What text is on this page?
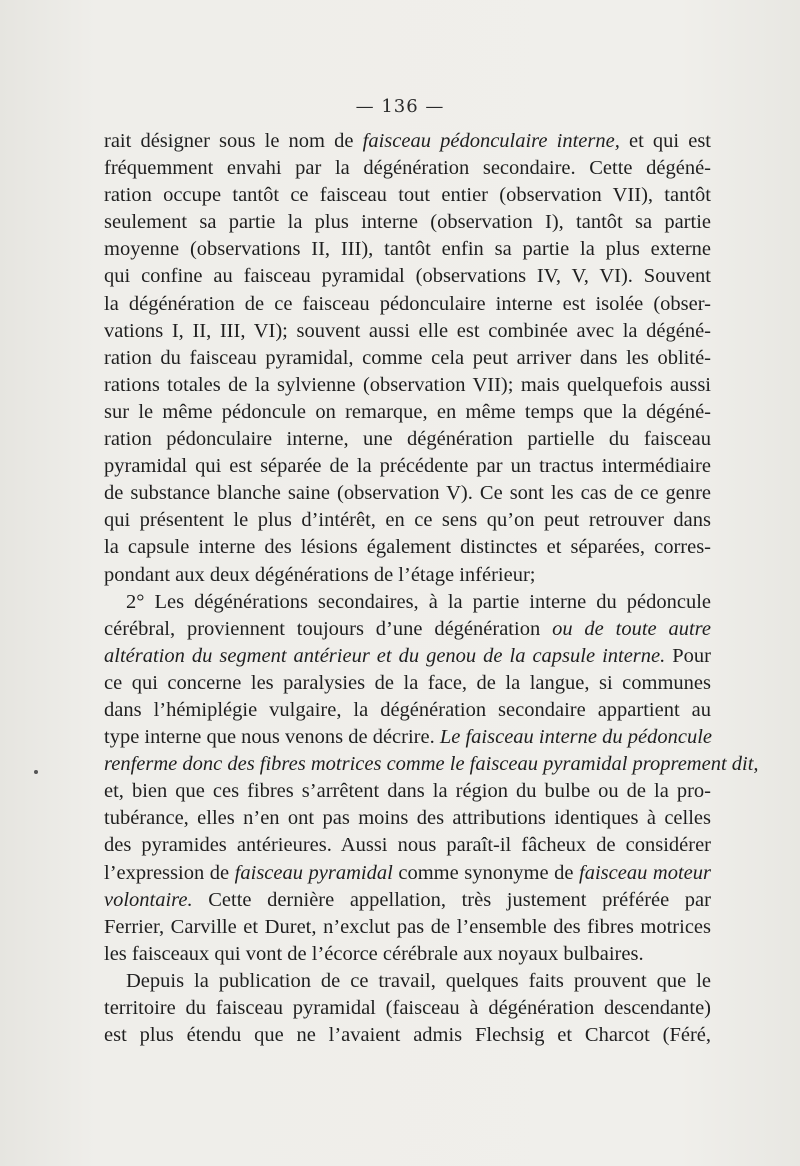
— 136 —
rait désigner sous le nom de faisceau pédonculaire interne, et qui est
fréquemment envahi par la dégénération secondaire. Cette dégéné-
ration occupe tantôt ce faisceau tout entier (observation VII), tantôt
seulement sa partie la plus interne (observation I), tantôt sa partie
moyenne (observations II, III), tantôt enfin sa partie la plus externe
qui confine au faisceau pyramidal (observations IV, V, VI). Souvent
la dégénération de ce faisceau pédonculaire interne est isolée (obser-
vations I, II, III, VI); souvent aussi elle est combinée avec la dégéné-
ration du faisceau pyramidal, comme cela peut arriver dans les oblité-
rations totales de la sylvienne (observation VII); mais quelquefois aussi
sur le même pédoncule on remarque, en même temps que la dégéné-
ration pédonculaire interne, une dégénération partielle du faisceau
pyramidal qui est séparée de la précédente par un tractus intermédiaire
de substance blanche saine (observation V). Ce sont les cas de ce genre
qui présentent le plus d’intérêt, en ce sens qu’on peut retrouver dans
la capsule interne des lésions également distinctes et séparées, corres-
pondant aux deux dégénérations de l’étage inférieur;
2° Les dégénérations secondaires, à la partie interne du pédoncule
cérébral, proviennent toujours d’une dégénération ou de toute autre
altération du segment antérieur et du genou de la capsule interne. Pour
ce qui concerne les paralysies de la face, de la langue, si communes
dans l’hémiplégie vulgaire, la dégénération secondaire appartient au
type interne que nous venons de décrire. Le faisceau interne du pédoncule
renferme donc des fibres motrices comme le faisceau pyramidal proprement dit,
et, bien que ces fibres s’arrêtent dans la région du bulbe ou de la pro-
tubérance, elles n’en ont pas moins des attributions identiques à celles
des pyramides antérieures. Aussi nous paraît-il fâcheux de considérer
l’expression de faisceau pyramidal comme synonyme de faisceau moteur
volontaire. Cette dernière appellation, très justement préférée par
Ferrier, Carville et Duret, n’exclut pas de l’ensemble des fibres motrices
les faisceaux qui vont de l’écorce cérébrale aux noyaux bulbaires.
Depuis la publication de ce travail, quelques faits prouvent que le
territoire du faisceau pyramidal (faisceau à dégénération descendante)
est plus étendu que ne l’avaient admis Flechsig et Charcot (Féré,
